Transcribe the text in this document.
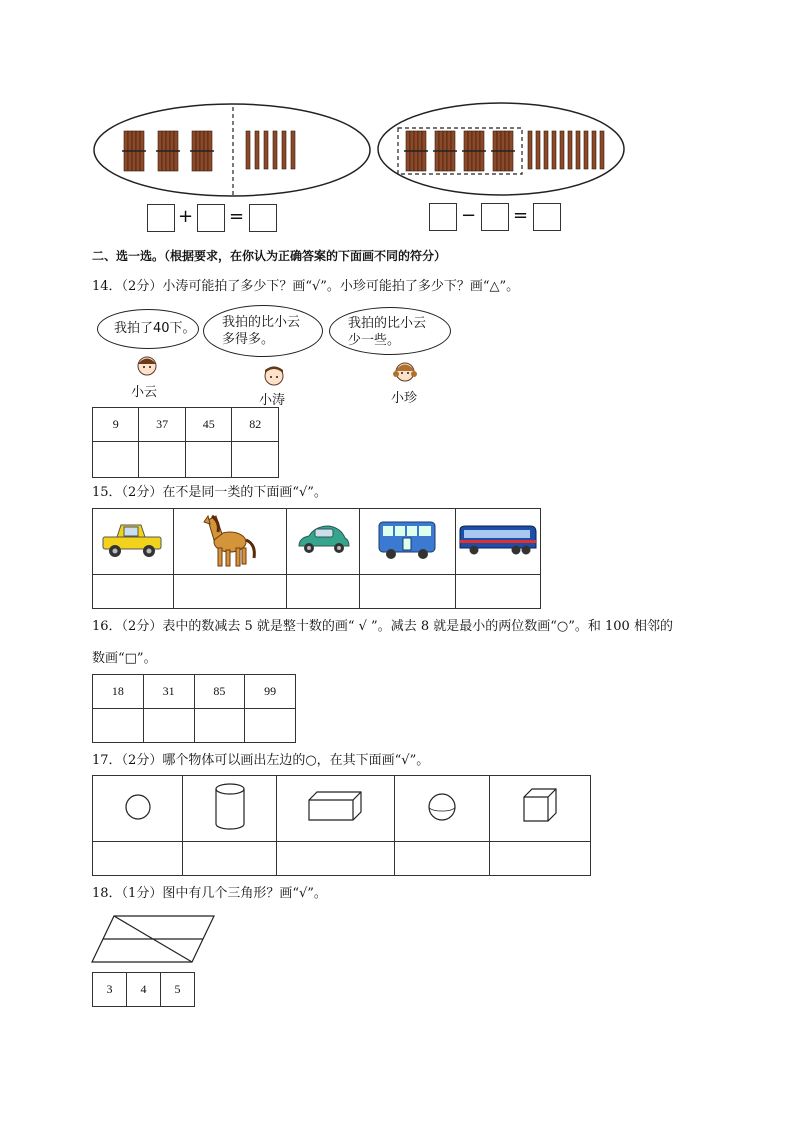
+ =	− =
二、选一选。（根据要求，在你认为正确答案的下面画不同的符分）
14．（2分）小涛可能拍了多少下？画“√”。小珍可能拍了多少下？画“△”。
我拍了40下。 我拍的比小云
多得多。
我拍的比小云
少一些。
小云
小涛	小珍
9	37	45	82

15．（2分）在不是同一类的下面画“√”。

16．（2分）表中的数减去 5 就是整十数的画“ √ ”。减去 8 就是最小的两位数画“○”。和 100 相邻的
数画“□”。
18	31	85	99

17．（2分）哪个物体可以画出左边的○，在其下面画“√”。

18．（1分）图中有几个三角形？画“√”。
3	4	5
